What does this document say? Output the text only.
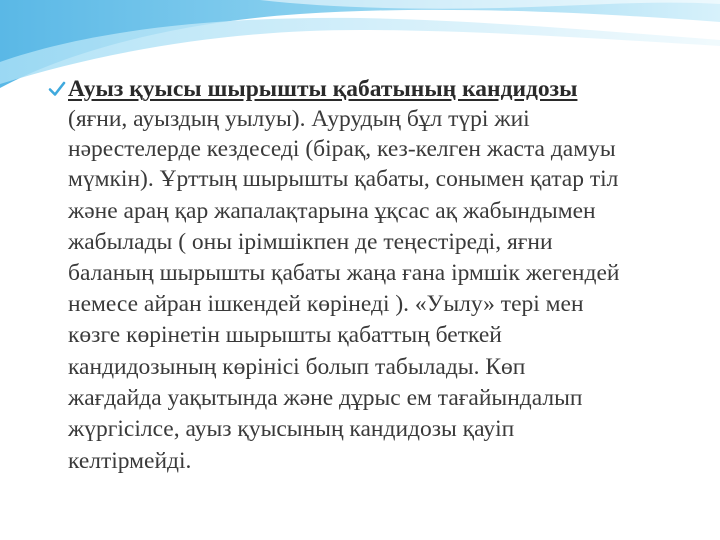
Ауыз қуысы шырышты қабатының кандидозы
(яғни, ауыздың уылуы). Аурудың бұл түрі жиі
нәрестелерде кездеседі (бірақ, кез-келген жаста дамуы
мүмкін). Ұрттың шырышты қабаты, сонымен қатар тіл
және араң қар жапалақтарына ұқсас ақ жабындымен
жабылады ( оны ірімшікпен де теңестіреді, яғни
баланың шырышты қабаты жаңа ғана ірмшік жегендей
немесе айран ішкендей көрінеді ). «Уылу» тері мен
көзге көрінетін шырышты қабаттың беткей
кандидозының көрінісі болып табылады. Көп
жағдайда уақытында және дұрыс ем тағайындалып
жүргісілсе, ауыз қуысының кандидозы қауіп
келтірмейді.
